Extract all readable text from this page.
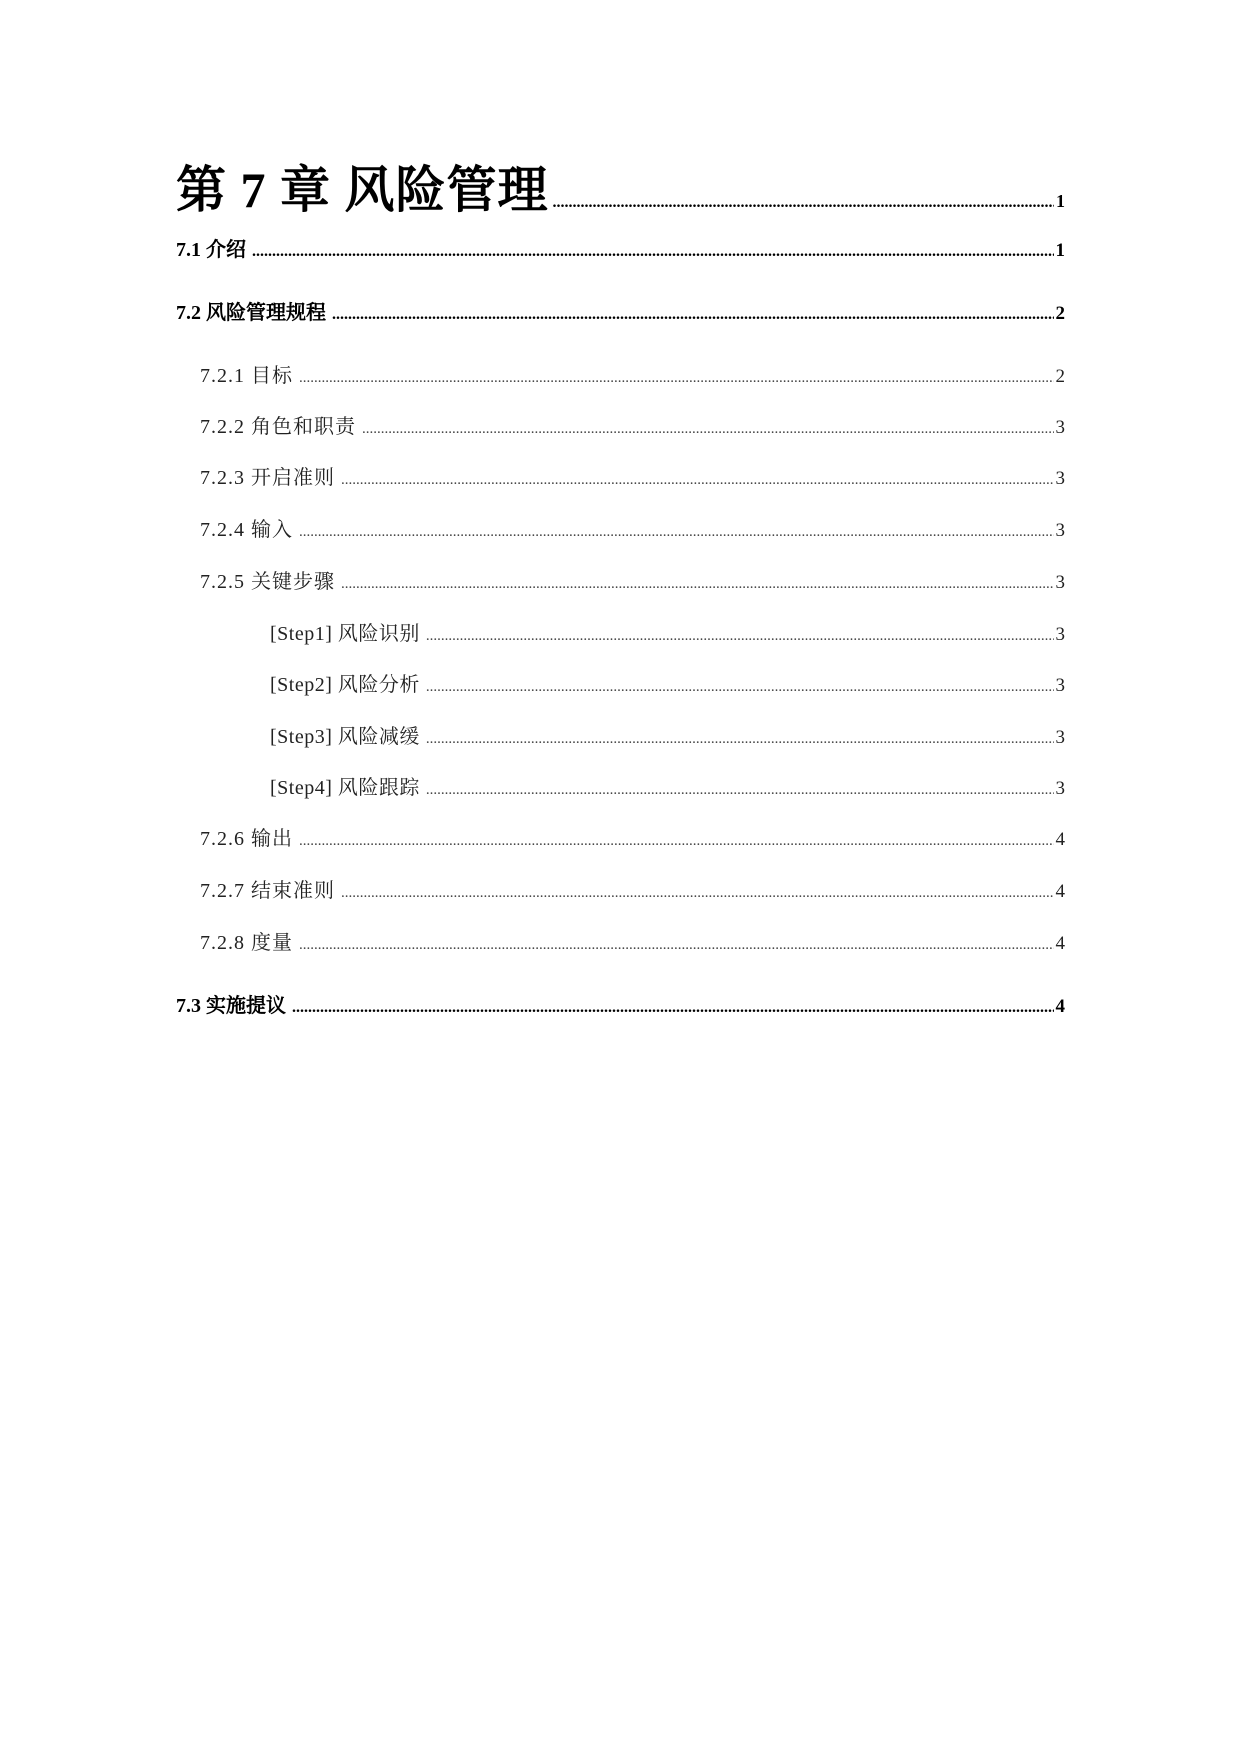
第 7 章 风险管理 .....	1
7.1 介绍 .....	1
7.2 风险管理规程 .....	2
7.2.1 目标 .....	2
7.2.2 角色和职责 .....	3
7.2.3 开启准则 .....	3
7.2.4 输入 .....	3
7.2.5 关键步骤 .....	3
[Step1] 风险识别 .....	3
[Step2] 风险分析 .....	3
[Step3] 风险减缓 .....	3
[Step4] 风险跟踪 .....	3
7.2.6 输出 .....	4
7.2.7 结束准则 .....	4
7.2.8 度量 .....	4
7.3 实施提议 .....	4
